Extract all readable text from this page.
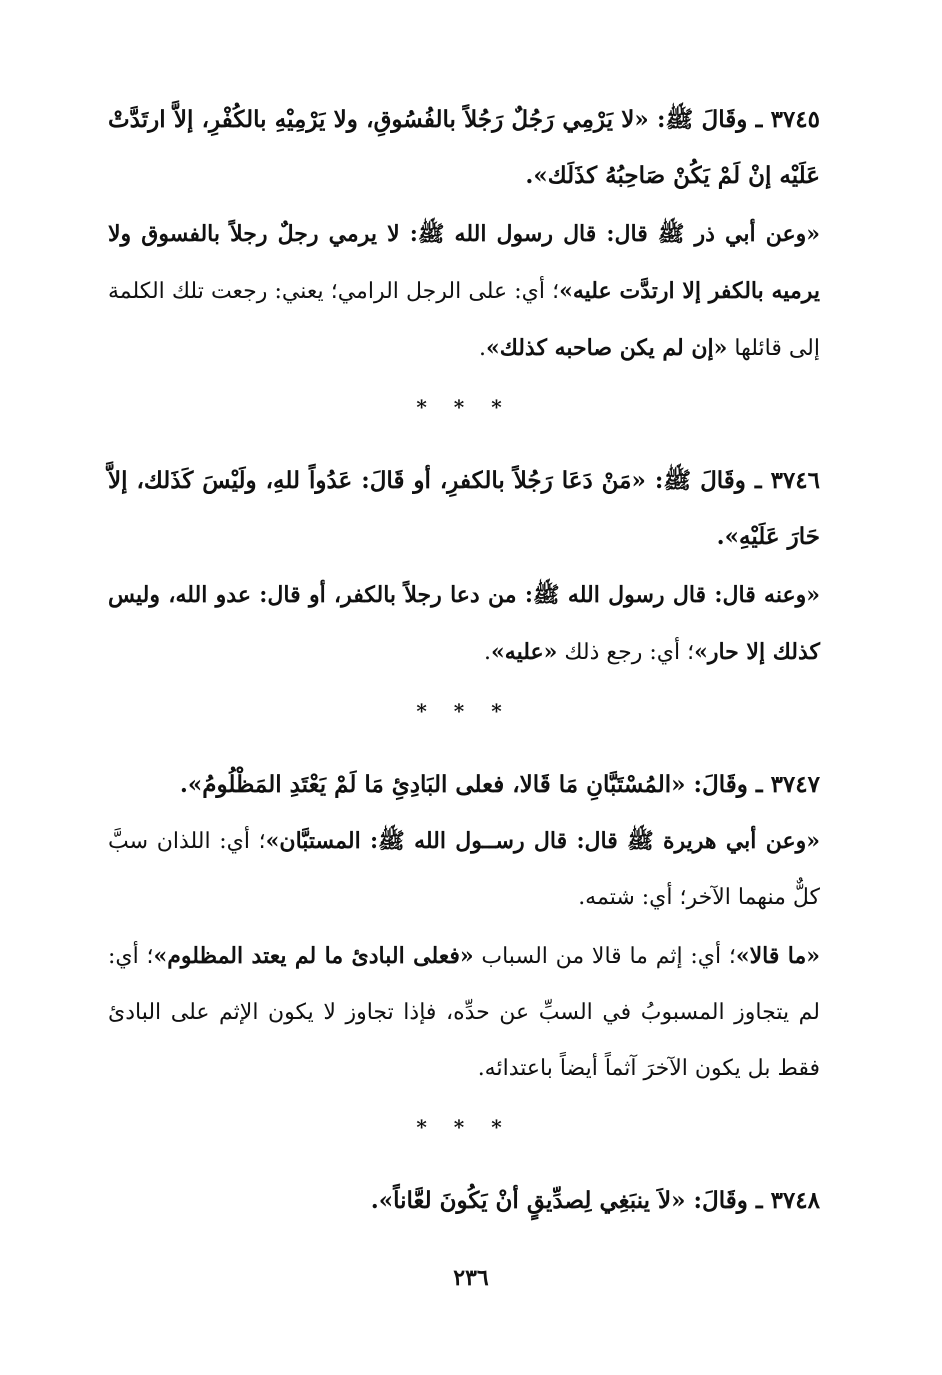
٣٧٤٥ ـ وقَالَ ﷺ: «لا يَرْمِي رَجُلٌ رَجُلاً بالفُسُوقِ، ولا يَرْمِيْهِ بالكُفْرِ، إلاَّ ارتَدَّتْ عَلَيْه إنْ لَمْ يَكُنْ صَاحِبُهُ كذَلَك».

«وعن أبي ذر ﷺ قال: قال رسول الله ﷺ: لا يرمي رجلٌ رجلاً بالفسوق ولا يرميه بالكفر إلا ارتدَّت عليه»؛ أي: على الرجل الرامي؛ يعني: رجعت تلك الكلمة إلى قائلها «إن لم يكن صاحبه كذلك».

* * *

٣٧٤٦ ـ وقَالَ ﷺ: «مَنْ دَعَا رَجُلاً بالكفرِ، أو قَالَ: عَدُواً للهِ، ولَيْسَ كَذَلك، إلاَّ حَارَ عَلَيْهِ».

«وعنه قال: قال رسول الله ﷺ: من دعا رجلاً بالكفر، أو قال: عدو الله، وليس كذلك إلا حار»؛ أي: رجع ذلك «عليه».

* * *

٣٧٤٧ ـ وقَالَ: «المُسْتَبَّانِ مَا قَالا، فعلى البَادِئِ مَا لَمْ يَعْتَدِ المَظْلُومُ».

«وعن أبي هريرة ﷺ قال: قال رســول الله ﷺ: المستبَّان»؛ أي: اللذان سبَّ كلٌّ منهما الآخر؛ أي: شتمه.

«ما قالا»؛ أي: إثم ما قالا من السباب «فعلى البادئ ما لم يعتد المظلوم»؛ أي: لم يتجاوز المسبوبُ في السبِّ عن حدِّه، فإذا تجاوز لا يكون الإثم على البادئ فقط بل يكون الآخرَ آثماً أيضاً باعتدائه.

* * *

٣٧٤٨ ـ وقَالَ: «لاَ ينبَغِي لِصدِّيقٍ أنْ يَكُونَ لعَّاناً».

٢٣٦
